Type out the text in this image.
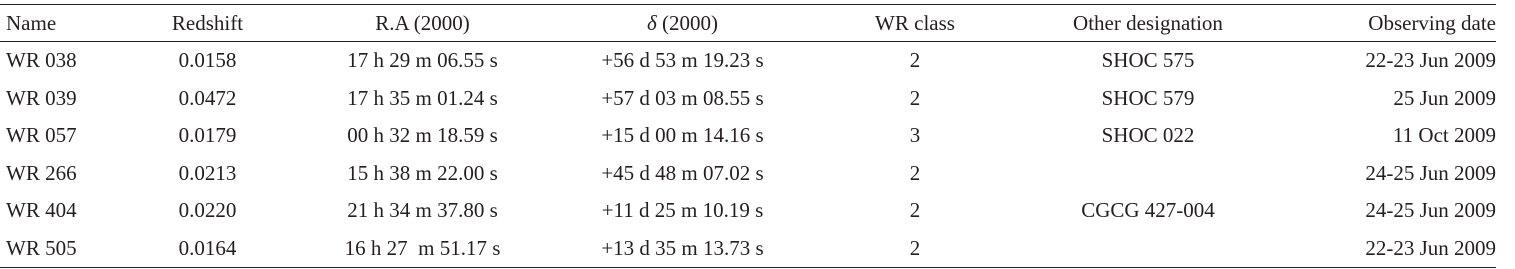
Name	Redshift	R.A (2000)	δ (2000)	WR class	Other designation	Observing date
WR 038	0.0158	17 h 29 m 06.55 s	+56 d 53 m 19.23 s	2	SHOC 575	22-23 Jun 2009
WR 039	0.0472	17 h 35 m 01.24 s	+57 d 03 m 08.55 s	2	SHOC 579	25 Jun 2009
WR 057	0.0179	00 h 32 m 18.59 s	+15 d 00 m 14.16 s	3	SHOC 022	11 Oct 2009
WR 266	0.0213	15 h 38 m 22.00 s	+45 d 48 m 07.02 s	2		24-25 Jun 2009
WR 404	0.0220	21 h 34 m 37.80 s	+11 d 25 m 10.19 s	2	CGCG 427-004	24-25 Jun 2009
WR 505	0.0164	16 h 27  m 51.17 s	+13 d 35 m 13.73 s	2		22-23 Jun 2009
